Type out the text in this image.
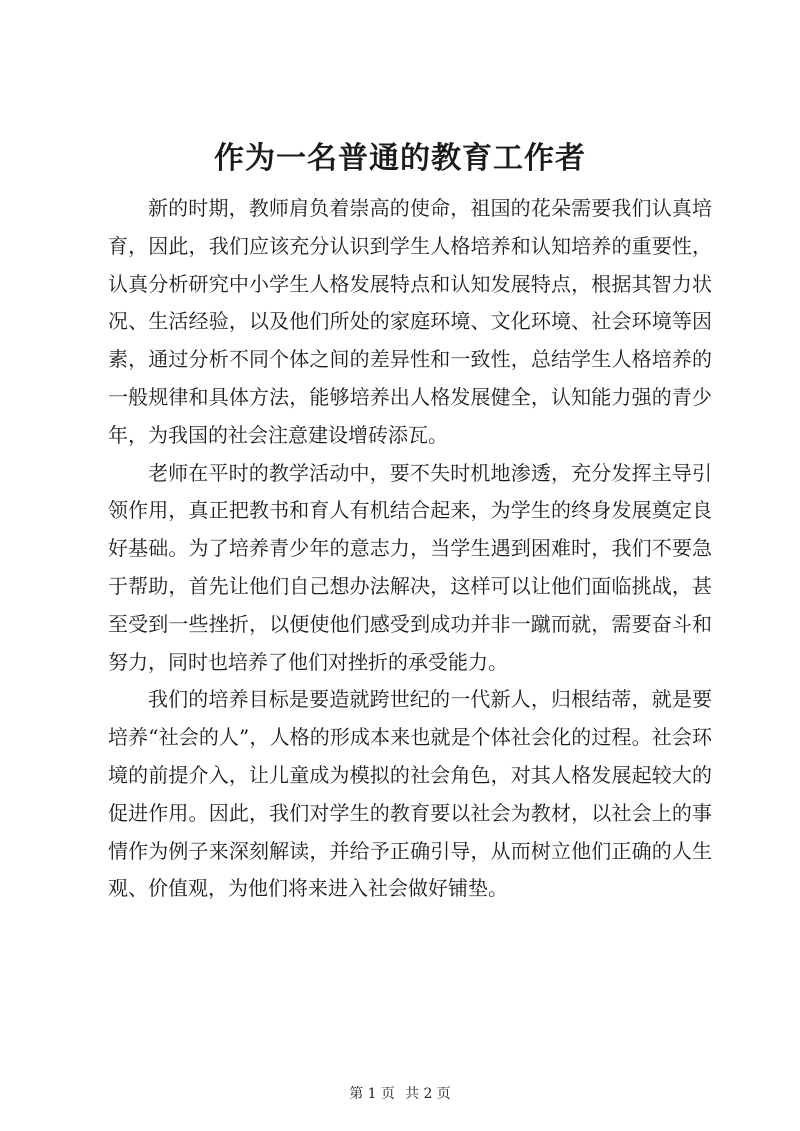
作为一名普通的教育工作者

新的时期，教师肩负着崇高的使命，祖国的花朵需要我们认真培育，因此，我们应该充分认识到学生人格培养和认知培养的重要性，认真分析研究中小学生人格发展特点和认知发展特点，根据其智力状况、生活经验，以及他们所处的家庭环境、文化环境、社会环境等因素，通过分析不同个体之间的差异性和一致性，总结学生人格培养的一般规律和具体方法，能够培养出人格发展健全，认知能力强的青少年，为我国的社会注意建设增砖添瓦。

老师在平时的教学活动中，要不失时机地渗透，充分发挥主导引领作用，真正把教书和育人有机结合起来，为学生的终身发展奠定良好基础。为了培养青少年的意志力，当学生遇到困难时，我们不要急于帮助，首先让他们自己想办法解决，这样可以让他们面临挑战，甚至受到一些挫折，以便使他们感受到成功并非一蹴而就，需要奋斗和努力，同时也培养了他们对挫折的承受能力。

我们的培养目标是要造就跨世纪的一代新人，归根结蒂，就是要培养“社会的人”，人格的形成本来也就是个体社会化的过程。社会环境的前提介入，让儿童成为模拟的社会角色，对其人格发展起较大的促进作用。因此，我们对学生的教育要以社会为教材，以社会上的事情作为例子来深刻解读，并给予正确引导，从而树立他们正确的人生观、价值观，为他们将来进入社会做好铺垫。

第 1 页 共 2 页
